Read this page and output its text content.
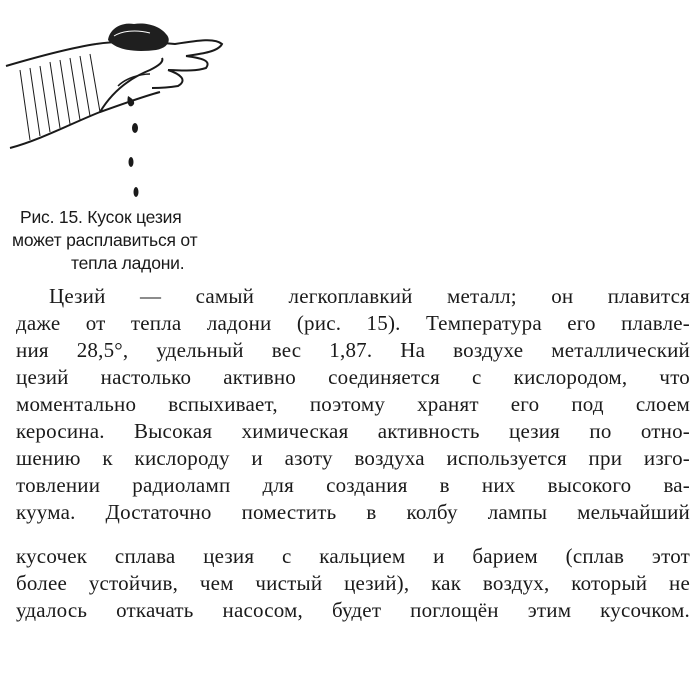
Рис. 15. Кусок цезия
может расплавиться от
тепла ладони.
Цезий — самый легкоплавкий металл; он плавится
даже от тепла ладони (рис. 15). Температура его плавле-
ния 28,5°, удельный вес 1,87. На воздухе металлический
цезий настолько активно соединяется с кислородом, что
моментально вспыхивает, поэтому хранят его под слоем
керосина. Высокая химическая активность цезия по отно-
шению к кислороду и азоту воздуха используется при изго-
товлении радиоламп для создания в них высокого ва-
куума. Достаточно поместить в колбу лампы мельчайший
кусочек сплава цезия с кальцием и барием (сплав этот
более устойчив, чем чистый цезий), как воздух, который не
удалось откачать насосом, будет поглощён этим кусочком.
